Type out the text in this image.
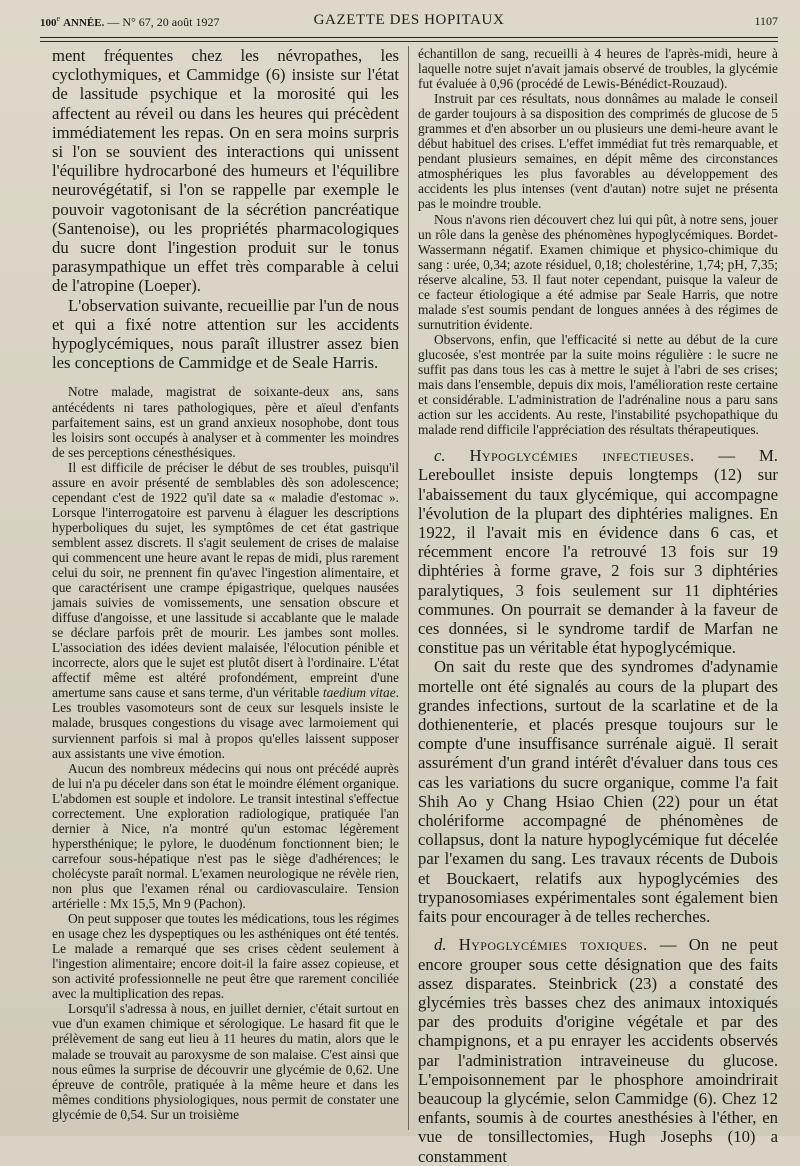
100e ANNÉE. — N° 67, 20 août 1927	GAZETTE DES HOPITAUX	1107

ment fréquentes chez les névropathes, les cyclothymiques, et Cammidge (6) insiste sur l'état de lassitude psychique et la morosité qui les affectent au réveil ou dans les heures qui précèdent immédiatement les repas. On en sera moins surpris si l'on se souvient des interactions qui unissent l'équilibre hydrocarboné des humeurs et l'équilibre neurovégétatif, si l'on se rappelle par exemple le pouvoir vagotonisant de la sécrétion pancréatique (Santenoise), ou les propriétés pharmacologiques du sucre dont l'ingestion produit sur le tonus parasympathique un effet très comparable à celui de l'atropine (Loeper).

L'observation suivante, recueillie par l'un de nous et qui a fixé notre attention sur les accidents hypoglycémiques, nous paraît illustrer assez bien les conceptions de Cammidge et de Seale Harris.

Notre malade, magistrat de soixante-deux ans, sans antécédents ni tares pathologiques, père et aïeul d'enfants parfaitement sains, est un grand anxieux nosophobe, dont tous les loisirs sont occupés à analyser et à commenter les moindres de ses perceptions cénesthésiques.

Il est difficile de préciser le début de ses troubles, puisqu'il assure en avoir présenté de semblables dès son adolescence; cependant c'est de 1922 qu'il date sa « maladie d'estomac ». Lorsque l'interrogatoire est parvenu à élaguer les descriptions hyperboliques du sujet, les symptômes de cet état gastrique semblent assez discrets. Il s'agit seulement de crises de malaise qui commencent une heure avant le repas de midi, plus rarement celui du soir, ne prennent fin qu'avec l'ingestion alimentaire, et que caractérisent une crampe épigastrique, quelques nausées jamais suivies de vomissements, une sensation obscure et diffuse d'angoisse, et une lassitude si accablante que le malade se déclare parfois prêt de mourir. Les jambes sont molles. L'association des idées devient malaisée, l'élocution pénible et incorrecte, alors que le sujet est plutôt disert à l'ordinaire. L'état affectif même est altéré profondément, empreint d'une amertume sans cause et sans terme, d'un véritable taedium vitae. Les troubles vasomoteurs sont de ceux sur lesquels insiste le malade, brusques congestions du visage avec larmoiement qui surviennent parfois si mal à propos qu'elles laissent supposer aux assistants une vive émotion.

Aucun des nombreux médecins qui nous ont précédé auprès de lui n'a pu déceler dans son état le moindre élément organique. L'abdomen est souple et indolore. Le transit intestinal s'effectue correctement. Une exploration radiologique, pratiquée l'an dernier à Nice, n'a montré qu'un estomac légèrement hypersthénique; le pylore, le duodénum fonctionnent bien; le carrefour sous-hépatique n'est pas le siège d'adhérences; le cholécyste paraît normal. L'examen neurologique ne révèle rien, non plus que l'examen rénal ou cardiovasculaire. Tension artérielle : Mx 15,5, Mn 9 (Pachon).

On peut supposer que toutes les médications, tous les régimes en usage chez les dyspeptiques ou les asthéniques ont été tentés. Le malade a remarqué que ses crises cèdent seulement à l'ingestion alimentaire; encore doit-il la faire assez copieuse, et son activité professionnelle ne peut être que rarement conciliée avec la multiplication des repas.

Lorsqu'il s'adressa à nous, en juillet dernier, c'était surtout en vue d'un examen chimique et sérologique. Le hasard fit que le prélèvement de sang eut lieu à 11 heures du matin, alors que le malade se trouvait au paroxysme de son malaise. C'est ainsi que nous eûmes la surprise de découvrir une glycémie de 0,62. Une épreuve de contrôle, pratiquée à la même heure et dans les mêmes conditions physiologiques, nous permit de constater une glycémie de 0,54. Sur un troisième

échantillon de sang, recueilli à 4 heures de l'après-midi, heure à laquelle notre sujet n'avait jamais observé de troubles, la glycémie fut évaluée à 0,96 (procédé de Lewis-Bénédict-Rouzaud).

Instruit par ces résultats, nous donnâmes au malade le conseil de garder toujours à sa disposition des comprimés de glucose de 5 grammes et d'en absorber un ou plusieurs une demi-heure avant le début habituel des crises. L'effet immédiat fut très remarquable, et pendant plusieurs semaines, en dépit même des circonstances atmosphériques les plus favorables au développement des accidents les plus intenses (vent d'autan) notre sujet ne présenta pas le moindre trouble.

Nous n'avons rien découvert chez lui qui pût, à notre sens, jouer un rôle dans la genèse des phénomènes hypoglycémiques. Bordet-Wassermann négatif. Examen chimique et physico-chimique du sang : urée, 0,34; azote résiduel, 0,18; cholestérine, 1,74; pH, 7,35; réserve alcaline, 53. Il faut noter cependant, puisque la valeur de ce facteur étiologique a été admise par Seale Harris, que notre malade s'est soumis pendant de longues années à des régimes de surnutrition évidente.

Observons, enfin, que l'efficacité si nette au début de la cure glucosée, s'est montrée par la suite moins régulière : le sucre ne suffit pas dans tous les cas à mettre le sujet à l'abri de ses crises; mais dans l'ensemble, depuis dix mois, l'amélioration reste certaine et considérable. L'administration de l'adrénaline nous a paru sans action sur les accidents. Au reste, l'instabilité psychopathique du malade rend difficile l'appréciation des résultats thérapeutiques.

c. Hypoglycémies infectieuses. — M. Lereboullet insiste depuis longtemps (12) sur l'abaissement du taux glycémique, qui accompagne l'évolution de la plupart des diphtéries malignes. En 1922, il l'avait mis en évidence dans 6 cas, et récemment encore l'a retrouvé 13 fois sur 19 diphtéries à forme grave, 2 fois sur 3 diphtéries paralytiques, 3 fois seulement sur 11 diphtéries communes. On pourrait se demander à la faveur de ces données, si le syndrome tardif de Marfan ne constitue pas un véritable état hypoglycémique.

On sait du reste que des syndromes d'adynamie mortelle ont été signalés au cours de la plupart des grandes infections, surtout de la scarlatine et de la dothienenterie, et placés presque toujours sur le compte d'une insuffisance surrénale aiguë. Il serait assurément d'un grand intérêt d'évaluer dans tous ces cas les variations du sucre organique, comme l'a fait Shih Ao y Chang Hsiao Chien (22) pour un état cholériforme accompagné de phénomènes de collapsus, dont la nature hypoglycémique fut décelée par l'examen du sang. Les travaux récents de Dubois et Bouckaert, relatifs aux hypoglycémies des trypanosomiases expérimentales sont également bien faits pour encourager à de telles recherches.

d. Hypoglycémies toxiques. — On ne peut encore grouper sous cette désignation que des faits assez disparates. Steinbrick (23) a constaté des glycémies très basses chez des animaux intoxiqués par des produits d'origine végétale et par des champignons, et a pu enrayer les accidents observés par l'administration intraveineuse du glucose. L'empoisonnement par le phosphore amoindrirait beaucoup la glycémie, selon Cammidge (6). Chez 12 enfants, soumis à de courtes anesthésies à l'éther, en vue de tonsillectomies, Hugh Josephs (10) a constamment
